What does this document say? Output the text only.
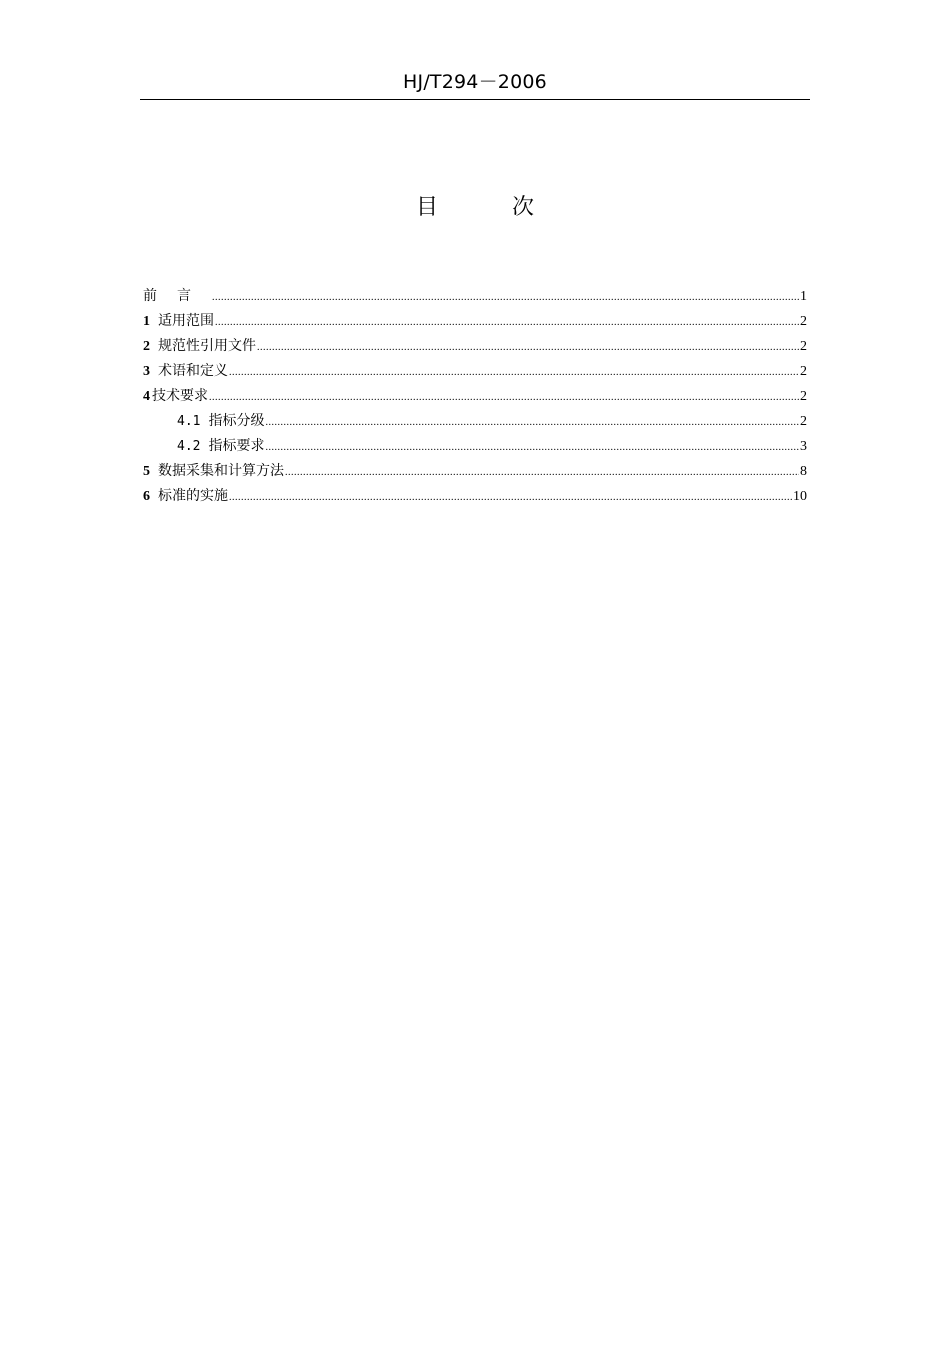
HJ/T294－2006
目　次
前言 .....	1
1 适用范围 .....	2
2 规范性引用文件 .....	2
3 术语和定义 .....	2
4 技术要求 .....	2
4.1 指标分级 .....	2
4.2 指标要求 .....	3
5 数据采集和计算方法 .....	8
6 标准的实施 .....	10
